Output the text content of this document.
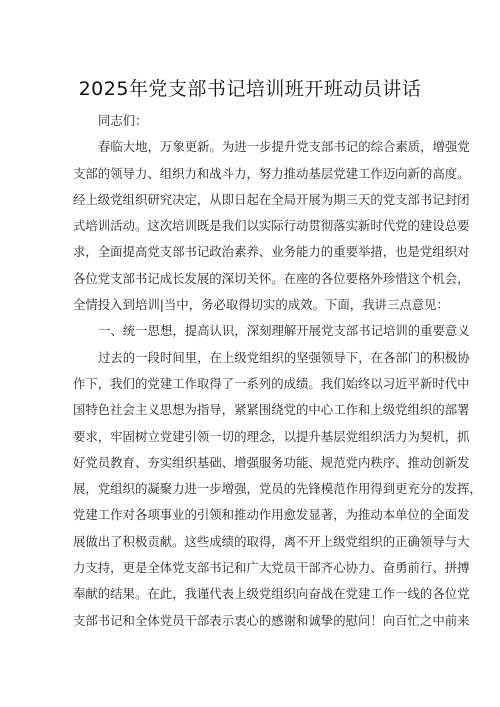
2025年党支部书记培训班开班动员讲话
同志们：
春临大地，万象更新。为进一步提升党支部书记的综合素质，增强党
支部的领导力、组织力和战斗力，努力推动基层党建工作迈向新的高度。
经上级党组织研究决定，从即日起在全局开展为期三天的党支部书记封闭
式培训活动。这次培训既是我们以实际行动贯彻落实新时代党的建设总要
求，全面提高党支部书记政治素养、业务能力的重要举措，也是党组织对
各位党支部书记成长发展的深切关怀。在座的各位要格外珍惜这个机会，
全情投入到培训|当中，务必取得切实的成效。下面，我讲三点意见：
一、统一思想，提高认识，深刻理解开展党支部书记培训的重要意义
过去的一段时间里，在上级党组织的坚强领导下，在各部门的积极协
作下，我们的党建工作取得了一系列的成绩。我们始终以习近平新时代中
国特色社会主义思想为指导，紧紧围绕党的中心工作和上级党组织的部署
要求，牢固树立党建引领一切的理念，以提升基层党组织活力为契机，抓
好党员教育、夯实组织基础、增强服务功能、规范党内秩序、推动创新发
展，党组织的凝聚力进一步增强，党员的先锋模范作用得到更充分的发挥，
党建工作对各项事业的引领和推动作用愈发显著，为推动本单位的全面发
展做出了积极贡献。这些成绩的取得，离不开上级党组织的正确领导与大
力支持，更是全体党支部书记和广大党员干部齐心协力、奋勇前行、拼搏
奉献的结果。在此，我谨代表上级党组织向奋战在党建工作一线的各位党
支部书记和全体党员干部表示衷心的感谢和诚挚的慰问！向百忙之中前来
